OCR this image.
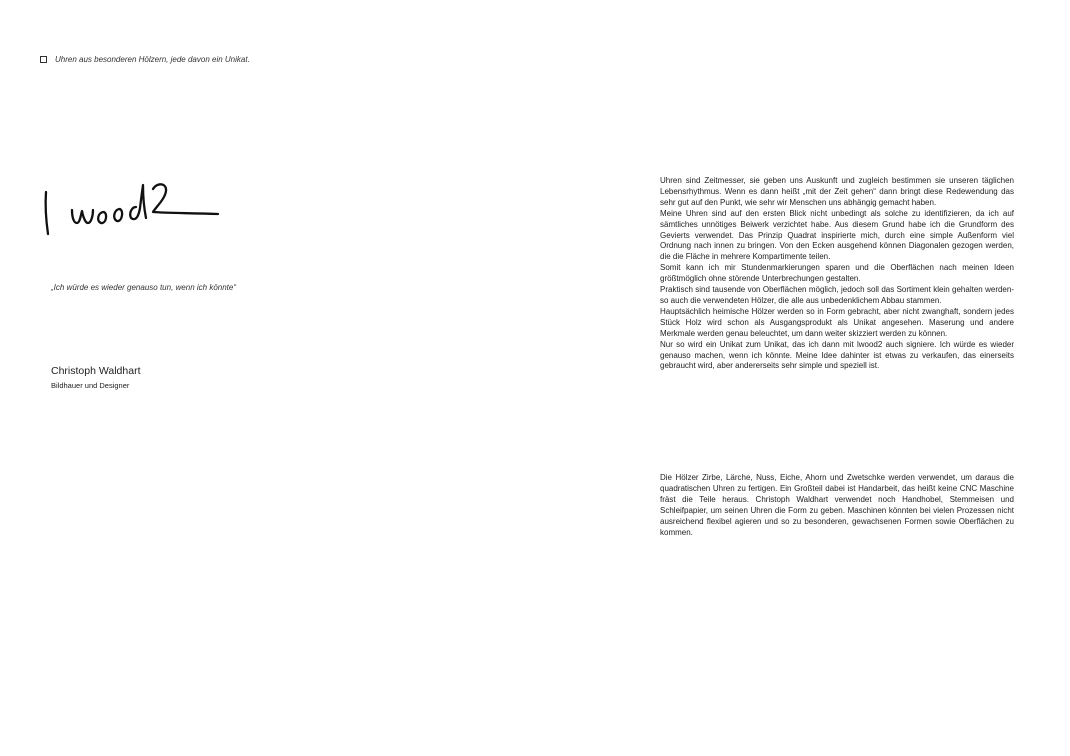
Uhren aus besonderen Hölzern, jede davon ein Unikat.
„Ich würde es wieder genauso tun, wenn ich könnte“
Christoph Waldhart
Bildhauer und Designer

Uhren sind Zeitmesser, sie geben uns Auskunft und zugleich bestimmen sie unseren täglichen Lebensrhythmus. Wenn es dann heißt „mit der Zeit gehen“ dann bringt diese Redewendung das sehr gut auf den Punkt, wie sehr wir Menschen uns abhängig gemacht haben.

Meine Uhren sind auf den ersten Blick nicht unbedingt als solche zu identifizieren, da ich auf sämtliches unnötiges Beiwerk verzichtet habe. Aus diesem Grund habe ich die Grundform des Gevierts verwendet. Das Prinzip Quadrat inspirierte mich, durch eine simple Außenform viel Ordnung nach innen zu bringen. Von den Ecken ausgehend können Diagonalen gezogen werden, die die Fläche in mehrere Kompartimente teilen.

Somit kann ich mir Stundenmarkierungen sparen und die Oberflächen nach meinen Ideen größtmöglich ohne störende Unterbrechungen gestalten.

Praktisch sind tausende von Oberflächen möglich, jedoch soll das Sortiment klein gehalten werden- so auch die verwendeten Hölzer, die alle aus unbedenklichem Abbau stammen.

Hauptsächlich heimische Hölzer werden so in Form gebracht, aber nicht zwanghaft, sondern jedes Stück Holz wird schon als Ausgangsprodukt als Unikat angesehen. Maserung und andere Merkmale werden genau beleuchtet, um dann weiter skizziert werden zu können.

Nur so wird ein Unikat zum Unikat, das ich dann mit lwood2 auch signiere. Ich würde es wieder genauso machen, wenn ich könnte. Meine Idee dahinter ist etwas zu verkaufen, das einerseits gebraucht wird, aber andererseits sehr simple und speziell ist.

Die Hölzer Zirbe, Lärche, Nuss, Eiche, Ahorn und Zwetschke werden verwendet, um daraus die quadratischen Uhren zu fertigen. Ein Großteil dabei ist Handarbeit, das heißt keine CNC Maschine fräst die Teile heraus. Christoph Waldhart verwendet noch Handhobel, Stemmeisen und Schleifpapier, um seinen Uhren die Form zu geben. Maschinen könnten bei vielen Prozessen nicht ausreichend flexibel agieren und so zu besonderen, gewachsenen Formen sowie Oberflächen zu kommen.
